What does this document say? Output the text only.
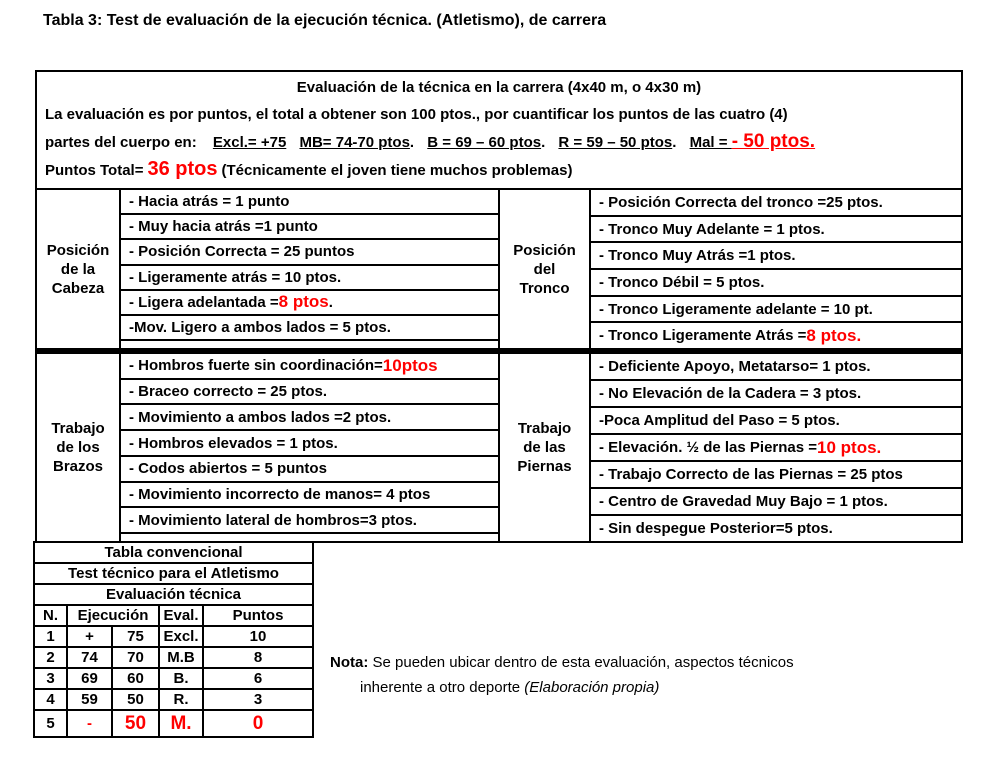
Tabla 3: Test de evaluación de la ejecución técnica. (Atletismo), de carrera
Evaluación de la técnica en la carrera (4x40 m, o 4x30 m)
La evaluación es por puntos, el total a obtener son 100 ptos., por cuantificar los puntos de las cuatro (4)
partes del cuerpo en: Excl.= +75 MB= 74-70 ptos. B = 69 – 60 ptos. R = 59 – 50 ptos. Mal = - 50 ptos.
Puntos Total= 36 ptos (Técnicamente el joven tiene muchos problemas)
Posición
de la
Cabeza
- Hacia atrás = 1 punto
- Muy hacia atrás =1 punto
- Posición Correcta = 25 puntos
- Ligeramente atrás = 10 ptos.
- Ligera adelantada = 8 ptos .
-Mov. Ligero a ambos lados = 5 ptos.
Posición
del
Tronco
- Posición Correcta del tronco =25 ptos.
- Tronco Muy Adelante = 1 ptos.
- Tronco Muy Atrás =1 ptos.
- Tronco Débil = 5 ptos.
- Tronco Ligeramente adelante = 10 pt.
- Tronco Ligeramente Atrás = 8 ptos.
Trabajo
de los
Brazos
- Hombros fuerte sin coordinación= 10ptos
- Braceo correcto = 25 ptos.
- Movimiento a ambos lados =2 ptos.
- Hombros elevados = 1 ptos.
- Codos abiertos = 5 puntos
- Movimiento incorrecto de manos= 4 ptos
- Movimiento lateral de hombros=3 ptos.
Trabajo
de las
Piernas
- Deficiente Apoyo, Metatarso= 1 ptos.
- No Elevación de la Cadera = 3 ptos.
-Poca Amplitud del Paso = 5 ptos.
- Elevación. ½ de las Piernas = 10 ptos.
- Trabajo Correcto de las Piernas = 25 ptos
- Centro de Gravedad Muy Bajo = 1 ptos.
- Sin despegue Posterior=5 ptos.
Tabla convencional				
Test técnico para el Atletismo				
Evaluación técnica				
N.	Ejecución		Eval.	Puntos
1	+	75	Excl.	10
2	74	70	M.B	8
3	69	60	B.	6
4	59	50	R.	3
5	-	50	M.	0
Nota: Se pueden ubicar dentro de esta evaluación, aspectos técnicos
inherente a otro deporte (Elaboración propia)
